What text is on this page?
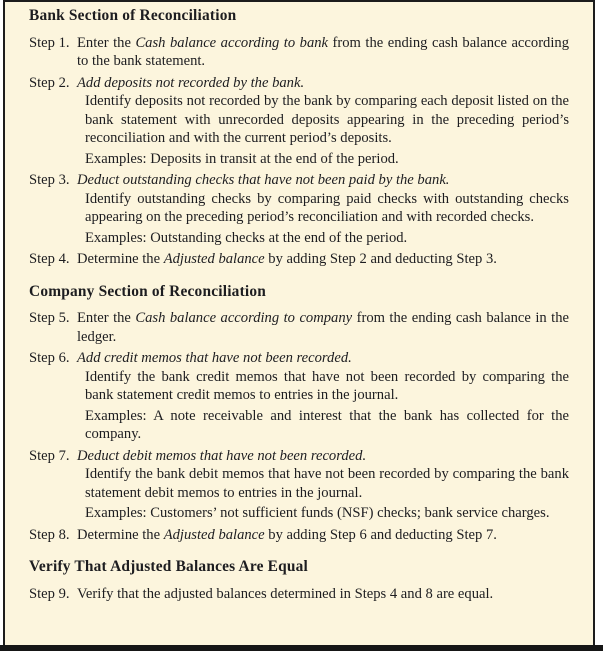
Bank Section of Reconciliation
Step 1. Enter the Cash balance according to bank from the ending cash balance according to the bank statement.
Step 2. Add deposits not recorded by the bank.
Identify deposits not recorded by the bank by comparing each deposit listed on the bank statement with unrecorded deposits appearing in the preceding period’s reconciliation and with the current period’s deposits.
Examples: Deposits in transit at the end of the period.
Step 3. Deduct outstanding checks that have not been paid by the bank.
Identify outstanding checks by comparing paid checks with outstanding checks appearing on the preceding period’s reconciliation and with recorded checks.
Examples: Outstanding checks at the end of the period.
Step 4. Determine the Adjusted balance by adding Step 2 and deducting Step 3.
Company Section of Reconciliation
Step 5. Enter the Cash balance according to company from the ending cash balance in the ledger.
Step 6. Add credit memos that have not been recorded.
Identify the bank credit memos that have not been recorded by comparing the bank statement credit memos to entries in the journal.
Examples: A note receivable and interest that the bank has collected for the company.
Step 7. Deduct debit memos that have not been recorded.
Identify the bank debit memos that have not been recorded by comparing the bank statement debit memos to entries in the journal.
Examples: Customers’ not sufficient funds (NSF) checks; bank service charges.
Step 8. Determine the Adjusted balance by adding Step 6 and deducting Step 7.
Verify That Adjusted Balances Are Equal
Step 9. Verify that the adjusted balances determined in Steps 4 and 8 are equal.
